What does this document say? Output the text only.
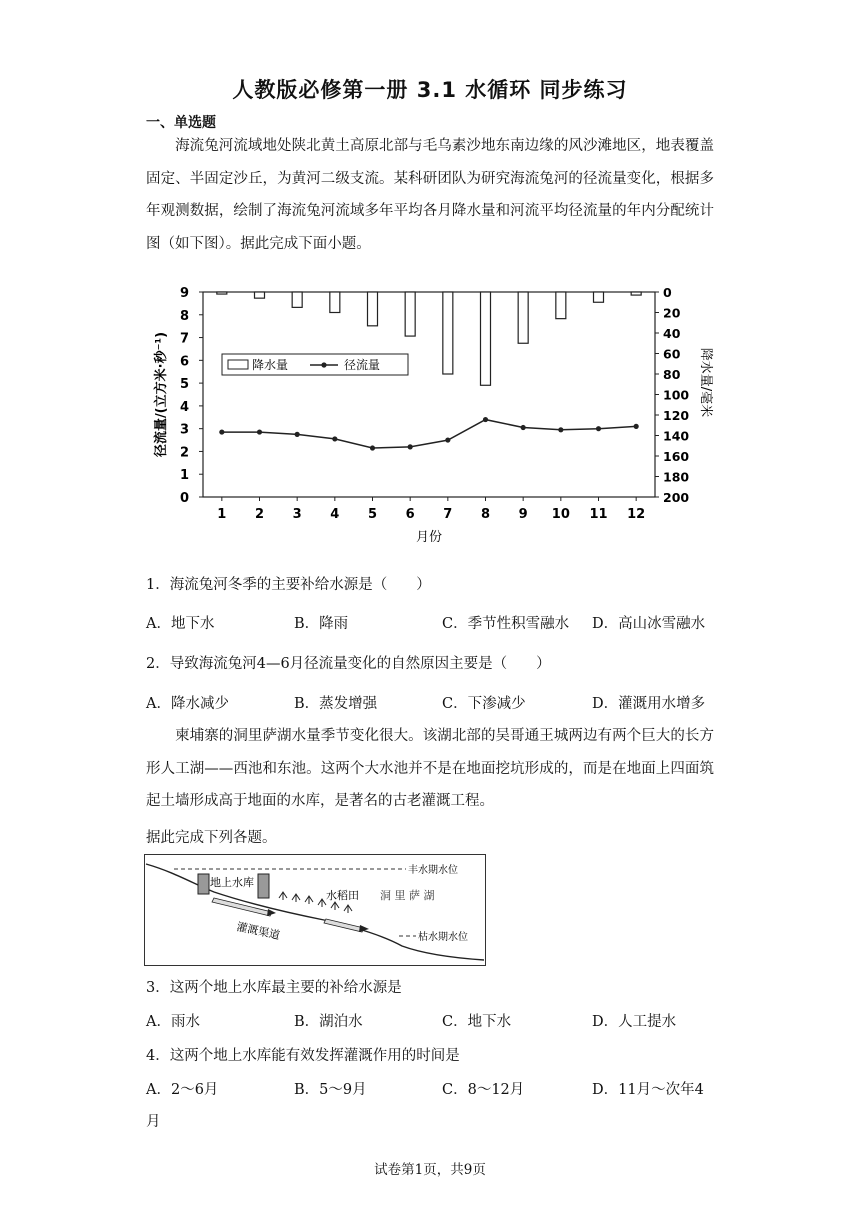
人教版必修第一册 3.1 水循环 同步练习
一、单选题

海流兔河流域地处陕北黄土高原北部与毛乌素沙地东南边缘的风沙滩地区，地表覆盖固定、半固定沙丘，为黄河二级支流。某科研团队为研究海流兔河的径流量变化，根据多年观测数据，绘制了海流兔河流域多年平均各月降水量和河流平均径流量的年内分配统计图（如下图）。据此完成下面小题。

0
1
2
3
4
5
6
7
8
9	0
20
40
60
80
100
120
140
160
180
200
1 2 3 4 5 6 7 8 9 10 11 12
降水量	径流量
月份
径流量/(立方米·秒⁻¹)	降水量/毫米
1．海流兔河冬季的主要补给水源是（　　）
A．地下水	B．降雨	C．季节性积雪融水 D．高山冰雪融水
2．导致海流兔河4—6月径流量变化的自然原因主要是（　　）
A．降水减少	B．蒸发增强	C．下渗减少	D．灌溉用水增多

柬埔寨的洞里萨湖水量季节变化很大。该湖北部的吴哥通王城两边有两个巨大的长方形人工湖——西池和东池。这两个大水池并不是在地面挖坑形成的，而是在地面上四面筑起土墙形成高于地面的水库，是著名的古老灌溉工程。

据此完成下列各题。
丰水期水位
枯水期水位
地上水库
水稻田 洞 里 萨 湖
灌溉渠道
3．这两个地上水库最主要的补给水源是
A．雨水	B．湖泊水	C．地下水	D．人工提水
4．这两个地上水库能有效发挥灌溉作用的时间是
A．2～6月	B．5～9月	C．8～12月	D．11月～次年4
月
试卷第1页，共9页
